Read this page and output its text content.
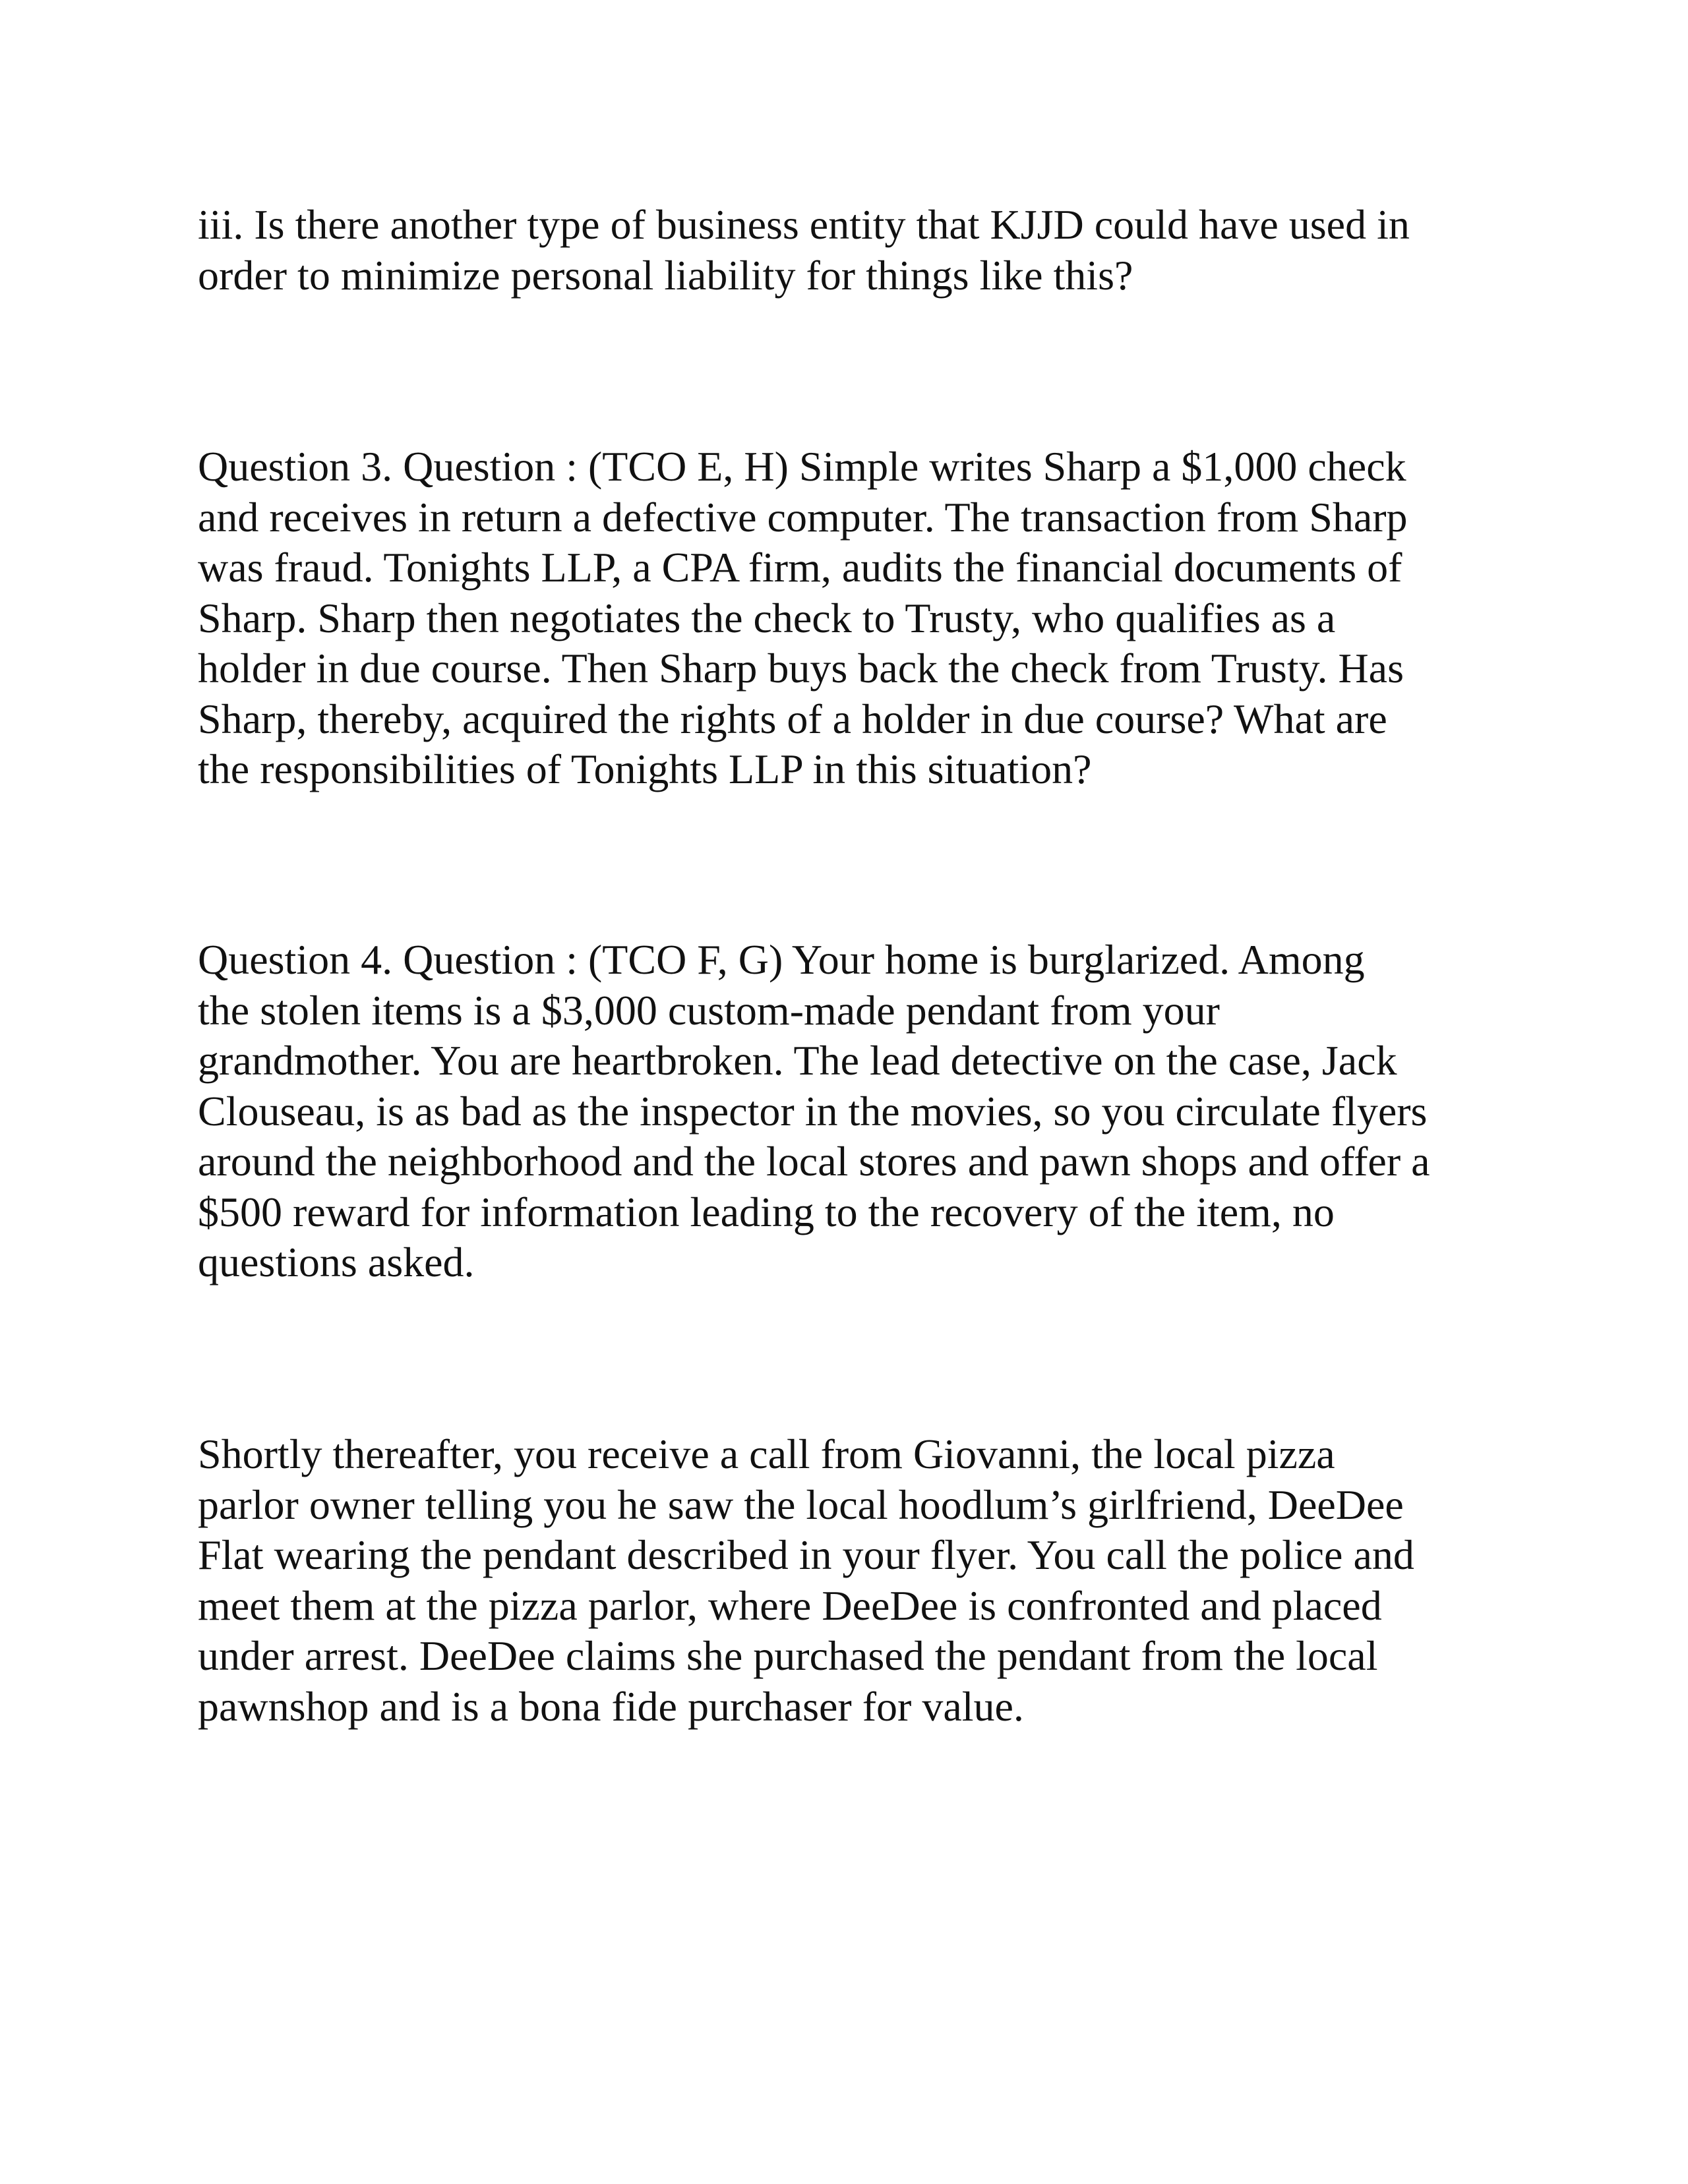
iii. Is there another type of business entity that KJJD could have used in
order to minimize personal liability for things like this?

Question 3. Question : (TCO E, H) Simple writes Sharp a $1,000 check
and receives in return a defective computer. The transaction from Sharp
was fraud. Tonights LLP, a CPA firm, audits the financial documents of
Sharp. Sharp then negotiates the check to Trusty, who qualifies as a
holder in due course. Then Sharp buys back the check from Trusty. Has
Sharp, thereby, acquired the rights of a holder in due course? What are
the responsibilities of Tonights LLP in this situation?

Question 4. Question : (TCO F, G) Your home is burglarized. Among
the stolen items is a $3,000 custom-made pendant from your
grandmother. You are heartbroken. The lead detective on the case, Jack
Clouseau, is as bad as the inspector in the movies, so you circulate flyers
around the neighborhood and the local stores and pawn shops and offer a
$500 reward for information leading to the recovery of the item, no
questions asked.

Shortly thereafter, you receive a call from Giovanni, the local pizza
parlor owner telling you he saw the local hoodlum’s girlfriend, DeeDee
Flat wearing the pendant described in your flyer. You call the police and
meet them at the pizza parlor, where DeeDee is confronted and placed
under arrest. DeeDee claims she purchased the pendant from the local
pawnshop and is a bona fide purchaser for value.
